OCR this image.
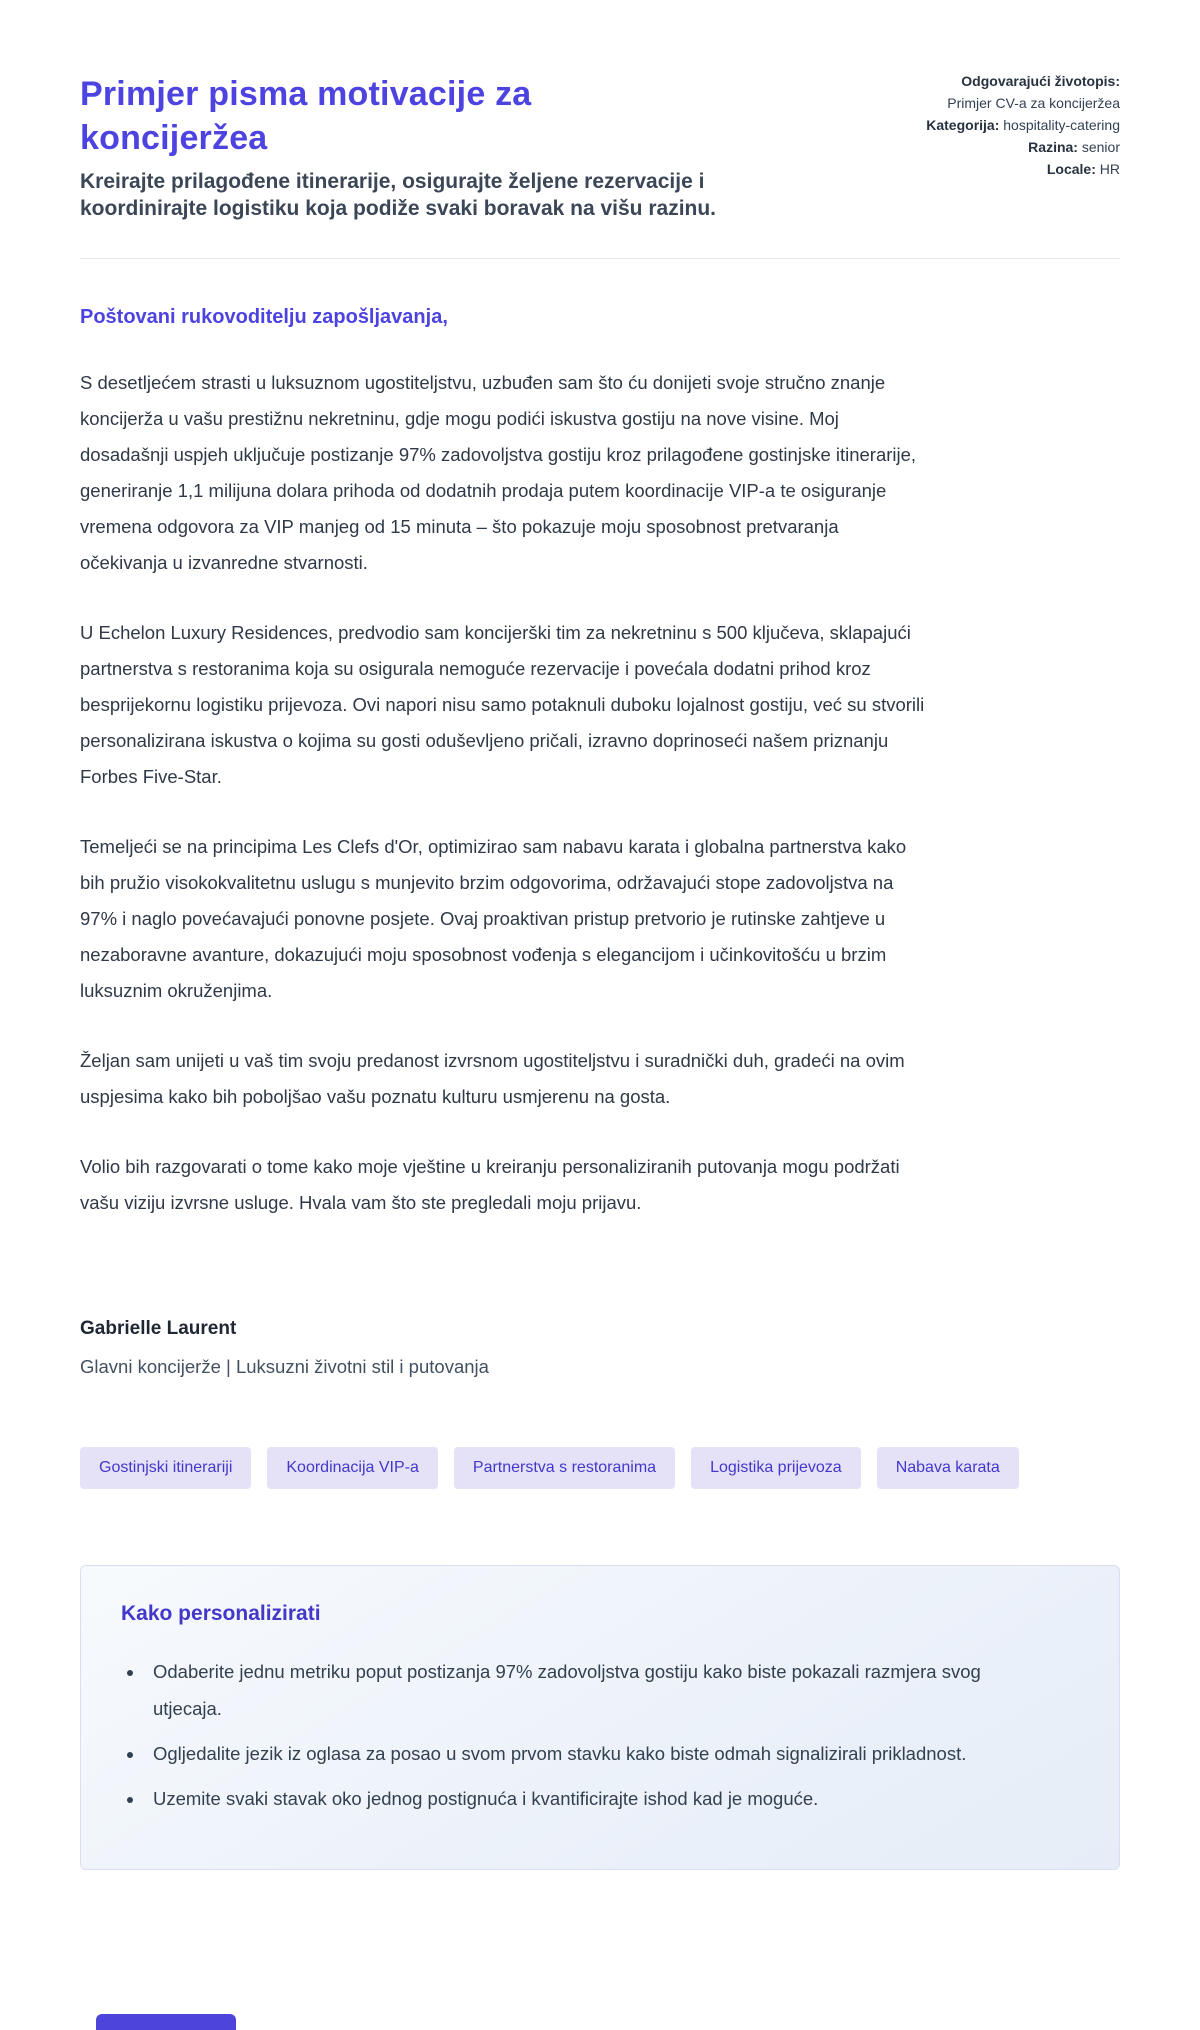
Primjer pisma motivacije za koncijeržea
Kreirajte prilagođene itinerarije, osigurajte željene rezervacije i koordinirajte logistiku koja podiže svaki boravak na višu razinu.
Odgovarajući životopis: Primjer CV-a za koncijeržea
Kategorija: hospitality-catering
Razina: senior
Locale: HR
Poštovani rukovoditelju zapošljavanja,

S desetljećem strasti u luksuznom ugostiteljstvu, uzbuđen sam što ću donijeti svoje stručno znanje koncijerža u vašu prestižnu nekretninu, gdje mogu podići iskustva gostiju na nove visine. Moj dosadašnji uspjeh uključuje postizanje 97% zadovoljstva gostiju kroz prilagođene gostinjske itinerarije, generiranje 1,1 milijuna dolara prihoda od dodatnih prodaja putem koordinacije VIP-a te osiguranje vremena odgovora za VIP manjeg od 15 minuta – što pokazuje moju sposobnost pretvaranja očekivanja u izvanredne stvarnosti.

U Echelon Luxury Residences, predvodio sam koncijerški tim za nekretninu s 500 ključeva, sklapajući partnerstva s restoranima koja su osigurala nemoguće rezervacije i povećala dodatni prihod kroz besprijekornu logistiku prijevoza. Ovi napori nisu samo potaknuli duboku lojalnost gostiju, već su stvorili personalizirana iskustva o kojima su gosti oduševljeno pričali, izravno doprinoseći našem priznanju Forbes Five-Star.

Temeljeći se na principima Les Clefs d'Or, optimizirao sam nabavu karata i globalna partnerstva kako bih pružio visokokvalitetnu uslugu s munjevito brzim odgovorima, održavajući stope zadovoljstva na 97% i naglo povećavajući ponovne posjete. Ovaj proaktivan pristup pretvorio je rutinske zahtjeve u nezaboravne avanture, dokazujući moju sposobnost vođenja s elegancijom i učinkovitošću u brzim luksuznim okruženjima.

Željan sam unijeti u vaš tim svoju predanost izvrsnom ugostiteljstvu i suradnički duh, gradeći na ovim uspjesima kako bih poboljšao vašu poznatu kulturu usmjerenu na gosta.

Volio bih razgovarati o tome kako moje vještine u kreiranju personaliziranih putovanja mogu podržati vašu viziju izvrsne usluge. Hvala vam što ste pregledali moju prijavu.

Gabrielle Laurent
Glavni koncijerže | Luksuzni životni stil i putovanja
Gostinjski itinerariji	Koordinacija VIP-a	Partnerstva s restoranima	Logistika prijevoza	Nabava karata
Kako personalizirati
• Odaberite jednu metriku poput postizanja 97% zadovoljstva gostiju kako biste pokazali razmjera svog utjecaja.
• Ogljedalite jezik iz oglasa za posao u svom prvom stavku kako biste odmah signalizirali prikladnost.
• Uzemite svaki stavak oko jednog postignuća i kvantificirajte ishod kad je moguće.
